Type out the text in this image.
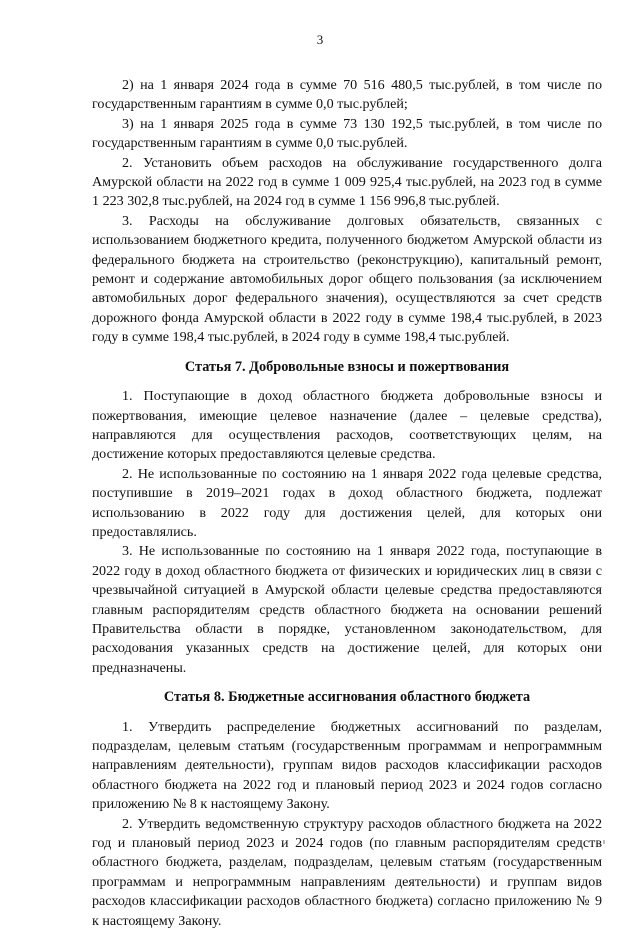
3

2) на 1 января 2024 года в сумме 70 516 480,5 тыс.рублей, в том числе по государственным гарантиям в сумме 0,0 тыс.рублей;

3) на 1 января 2025 года в сумме 73 130 192,5 тыс.рублей, в том числе по государственным гарантиям в сумме 0,0 тыс.рублей.

2. Установить объем расходов на обслуживание государственного долга Амурской области на 2022 год в сумме 1 009 925,4 тыс.рублей, на 2023 год в сумме 1 223 302,8 тыс.рублей, на 2024 год в сумме 1 156 996,8 тыс.рублей.

3. Расходы на обслуживание долговых обязательств, связанных с использованием бюджетного кредита, полученного бюджетом Амурской области из федерального бюджета на строительство (реконструкцию), капитальный ремонт, ремонт и содержание автомобильных дорог общего пользования (за исключением автомобильных дорог федерального значения), осуществляются за счет средств дорожного фонда Амурской области в 2022 году в сумме 198,4 тыс.рублей, в 2023 году в сумме 198,4 тыс.рублей, в 2024 году в сумме 198,4 тыс.рублей.

Статья 7. Добровольные взносы и пожертвования

1. Поступающие в доход областного бюджета добровольные взносы и пожертвования, имеющие целевое назначение (далее – целевые средства), направляются для осуществления расходов, соответствующих целям, на достижение которых предоставляются целевые средства.

2. Не использованные по состоянию на 1 января 2022 года целевые средства, поступившие в 2019–2021 годах в доход областного бюджета, подлежат использованию в 2022 году для достижения целей, для которых они предоставлялись.

3. Не использованные по состоянию на 1 января 2022 года, поступающие в 2022 году в доход областного бюджета от физических и юридических лиц в связи с чрезвычайной ситуацией в Амурской области целевые средства предоставляются главным распорядителям средств областного бюджета на основании решений Правительства области в порядке, установленном законодательством, для расходования указанных средств на достижение целей, для которых они предназначены.

Статья 8. Бюджетные ассигнования областного бюджета

1. Утвердить распределение бюджетных ассигнований по разделам, подразделам, целевым статьям (государственным программам и непрограммным направлениям деятельности), группам видов расходов классификации расходов областного бюджета на 2022 год и плановый период 2023 и 2024 годов согласно приложению № 8 к настоящему Закону.

2. Утвердить ведомственную структуру расходов областного бюджета на 2022 год и плановый период 2023 и 2024 годов (по главным распорядителям средств областного бюджета, разделам, подразделам, целевым статьям (государственным программам и непрограммным направлениям деятельности) и группам видов расходов классификации расходов областного бюджета) согласно приложению № 9 к настоящему Закону.
